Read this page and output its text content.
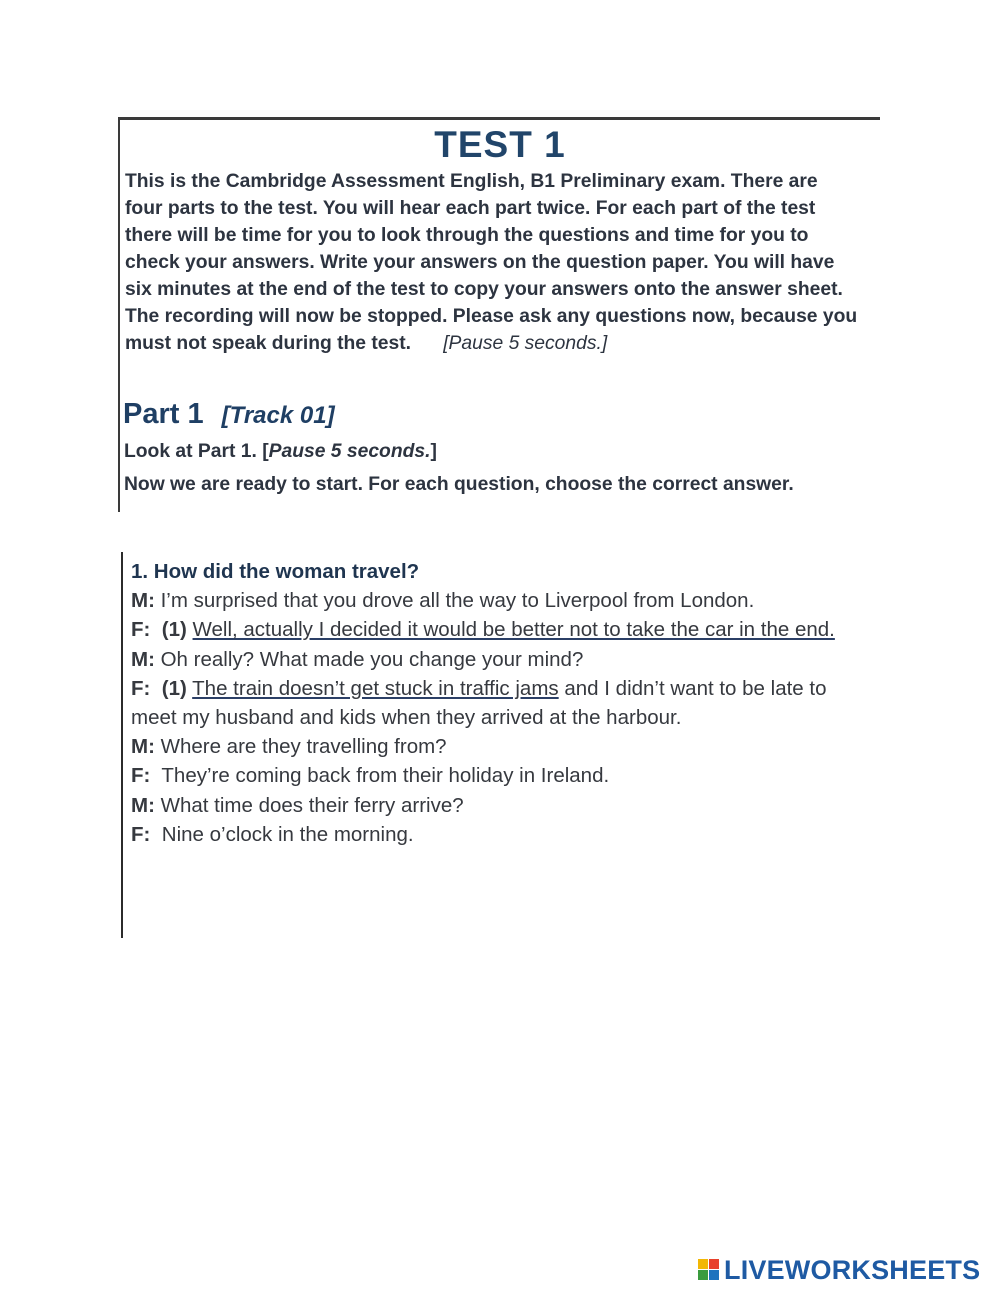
TEST 1

This is the Cambridge Assessment English, B1 Preliminary exam. There are four parts to the test. You will hear each part twice. For each part of the test there will be time for you to look through the questions and time for you to check your answers. Write your answers on the question paper. You will have six minutes at the end of the test to copy your answers onto the answer sheet. The recording will now be stopped. Please ask any questions now, because you must not speak during the test. [Pause 5 seconds.]

Part 1 [Track 01]

Look at Part 1. [Pause 5 seconds.]

Now we are ready to start. For each question, choose the correct answer.

1. How did the woman travel?

M: I’m surprised that you drove all the way to Liverpool from London.

F: (1) Well, actually I decided it would be better not to take the car in the end.

M: Oh really? What made you change your mind?

F: (1) The train doesn’t get stuck in traffic jams and I didn’t want to be late to meet my husband and kids when they arrived at the harbour.

M: Where are they travelling from?

F: They’re coming back from their holiday in Ireland.

M: What time does their ferry arrive?

F: Nine o’clock in the morning.

LIVEWORKSHEETS
